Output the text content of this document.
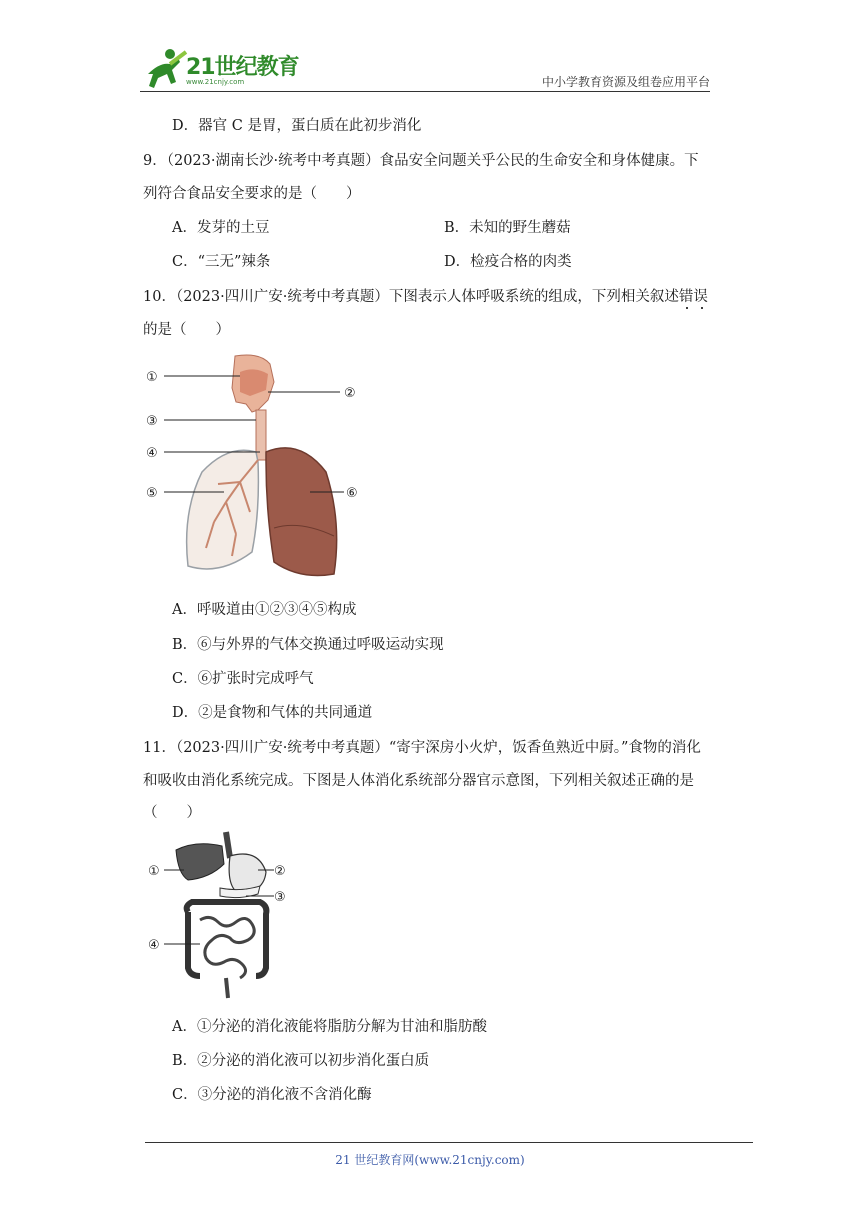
21世纪教育
www.21cnjy.com	中小学教育资源及组卷应用平台
D．器官 C 是胃，蛋白质在此初步消化
9．（2023·湖南长沙·统考中考真题）食品安全问题关乎公民的生命安全和身体健康。下
列符合食品安全要求的是（　　）
A．发芽的土豆	B．未知的野生蘑菇
C．“三无”辣条	D．检疫合格的肉类
10．（2023·四川广安·统考中考真题）下图表示人体呼吸系统的组成，下列相关叙述错误
的是（　　）
①
②
③
④
⑤	⑥
A．呼吸道由①②③④⑤构成
B．⑥与外界的气体交换通过呼吸运动实现
C．⑥扩张时完成呼气
D．②是食物和气体的共同通道
11．（2023·四川广安·统考中考真题）“寄宇深房小火炉，饭香鱼熟近中厨。”食物的消化
和吸收由消化系统完成。下图是人体消化系统部分器官示意图，下列相关叙述正确的是
（　　）
①	②
③
④
A．①分泌的消化液能将脂肪分解为甘油和脂肪酸
B．②分泌的消化液可以初步消化蛋白质
C．③分泌的消化液不含消化酶
21 世纪教育网(www.21cnjy.com)
